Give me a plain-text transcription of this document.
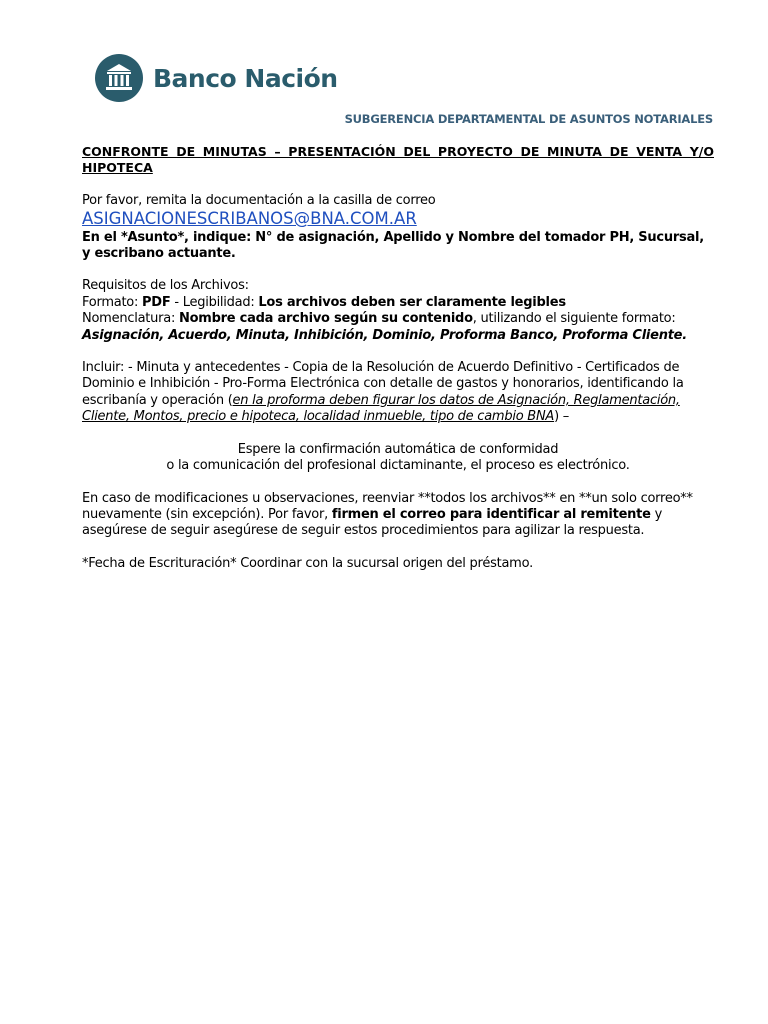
Banco Nación
SUBGERENCIA DEPARTAMENTAL DE ASUNTOS NOTARIALES

CONFRONTE DE MINUTAS – PRESENTACIÓN DEL PROYECTO DE MINUTA DE VENTA Y/O HIPOTECA

Por favor, remita la documentación a la casilla de correo

ASIGNACIONESCRIBANOS@BNA.COM.AR

En el *Asunto*, indique: N° de asignación, Apellido y Nombre del tomador PH, Sucursal, y escribano actuante.

Requisitos de los Archivos:

Formato: PDF - Legibilidad: Los archivos deben ser claramente legibles

Nomenclatura: Nombre cada archivo según su contenido, utilizando el siguiente formato:

Asignación, Acuerdo, Minuta, Inhibición, Dominio, Proforma Banco, Proforma Cliente.

Incluir: - Minuta y antecedentes - Copia de la Resolución de Acuerdo Definitivo - Certificados de Dominio e Inhibición - Pro-Forma Electrónica con detalle de gastos y honorarios, identificando la escribanía y operación (en la proforma deben figurar los datos de Asignación, Reglamentación, Cliente, Montos, precio e hipoteca, localidad inmueble, tipo de cambio BNA) –

Espere la confirmación automática de conformidad

o la comunicación del profesional dictaminante, el proceso es electrónico.

En caso de modificaciones u observaciones, reenviar **todos los archivos** en **un solo correo** nuevamente (sin excepción). Por favor, firmen el correo para identificar al remitente y asegúrese de seguir asegúrese de seguir estos procedimientos para agilizar la respuesta.

*Fecha de Escrituración* Coordinar con la sucursal origen del préstamo.
